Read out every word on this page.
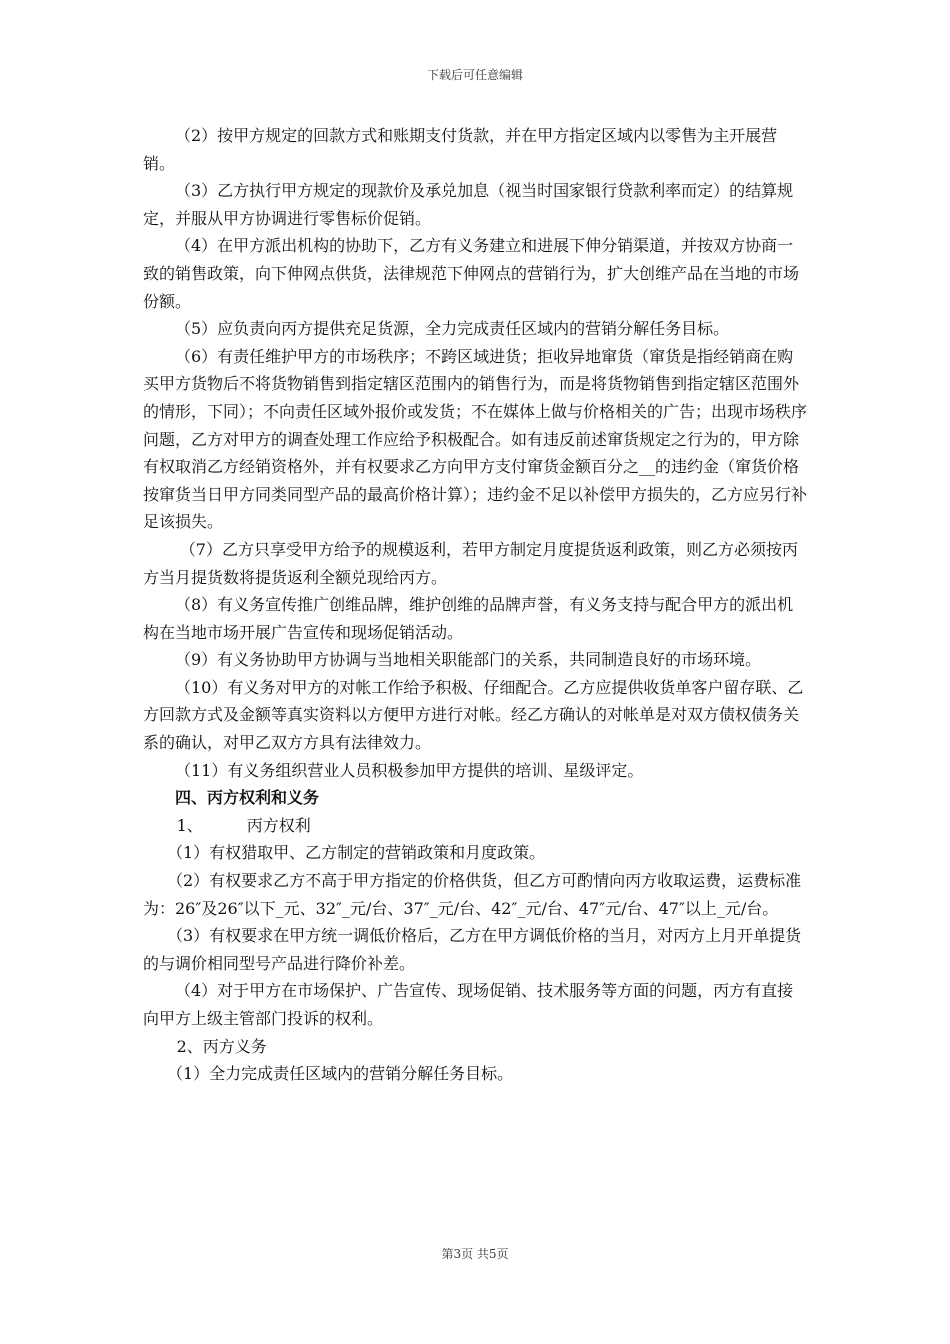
下载后可任意编辑

（2）按甲方规定的回款方式和账期支付货款，并在甲方指定区域内以零售为主开展营销。

（3）乙方执行甲方规定的现款价及承兑加息（视当时国家银行贷款利率而定）的结算规定，并服从甲方协调进行零售标价促销。

（4）在甲方派出机构的协助下，乙方有义务建立和进展下伸分销渠道，并按双方协商一致的销售政策，向下伸网点供货，法律规范下伸网点的营销行为，扩大创维产品在当地的市场份额。

（5）应负责向丙方提供充足货源，全力完成责任区域内的营销分解任务目标。

（6）有责任维护甲方的市场秩序；不跨区域进货；拒收异地窜货（窜货是指经销商在购买甲方货物后不将货物销售到指定辖区范围内的销售行为，而是将货物销售到指定辖区范围外的情形，下同）；不向责任区域外报价或发货；不在媒体上做与价格相关的广告；出现市场秩序问题，乙方对甲方的调查处理工作应给予积极配合。如有违反前述窜货规定之行为的，甲方除有权取消乙方经销资格外，并有权要求乙方向甲方支付窜货金额百分之__的违约金（窜货价格按窜货当日甲方同类同型产品的最高价格计算）；违约金不足以补偿甲方损失的，乙方应另行补足该损失。

（7）乙方只享受甲方给予的规模返利，若甲方制定月度提货返利政策，则乙方必须按丙方当月提货数将提货返利全额兑现给丙方。

（8）有义务宣传推广创维品牌，维护创维的品牌声誉，有义务支持与配合甲方的派出机构在当地市场开展广告宣传和现场促销活动。

（9）有义务协助甲方协调与当地相关职能部门的关系，共同制造良好的市场环境。

（10）有义务对甲方的对帐工作给予积极、仔细配合。乙方应提供收货单客户留存联、乙方回款方式及金额等真实资料以方便甲方进行对帐。经乙方确认的对帐单是对双方债权债务关系的确认，对甲乙双方方具有法律效力。

（11）有义务组织营业人员积极参加甲方提供的培训、星级评定。

四、丙方权利和义务

1、	丙方权利

（1）有权猎取甲、乙方制定的营销政策和月度政策。

（2）有权要求乙方不高于甲方指定的价格供货，但乙方可酌情向丙方收取运费，运费标准为：26″及26″以下_元、32″_元/台、37″_元/台、42″_元/台、47″元/台、47″以上_元/台。

（3）有权要求在甲方统一调低价格后，乙方在甲方调低价格的当月，对丙方上月开单提货的与调价相同型号产品进行降价补差。

（4）对于甲方在市场保护、广告宣传、现场促销、技术服务等方面的问题，丙方有直接向甲方上级主管部门投诉的权利。

2、丙方义务

（1）全力完成责任区域内的营销分解任务目标。

第3页 共5页
